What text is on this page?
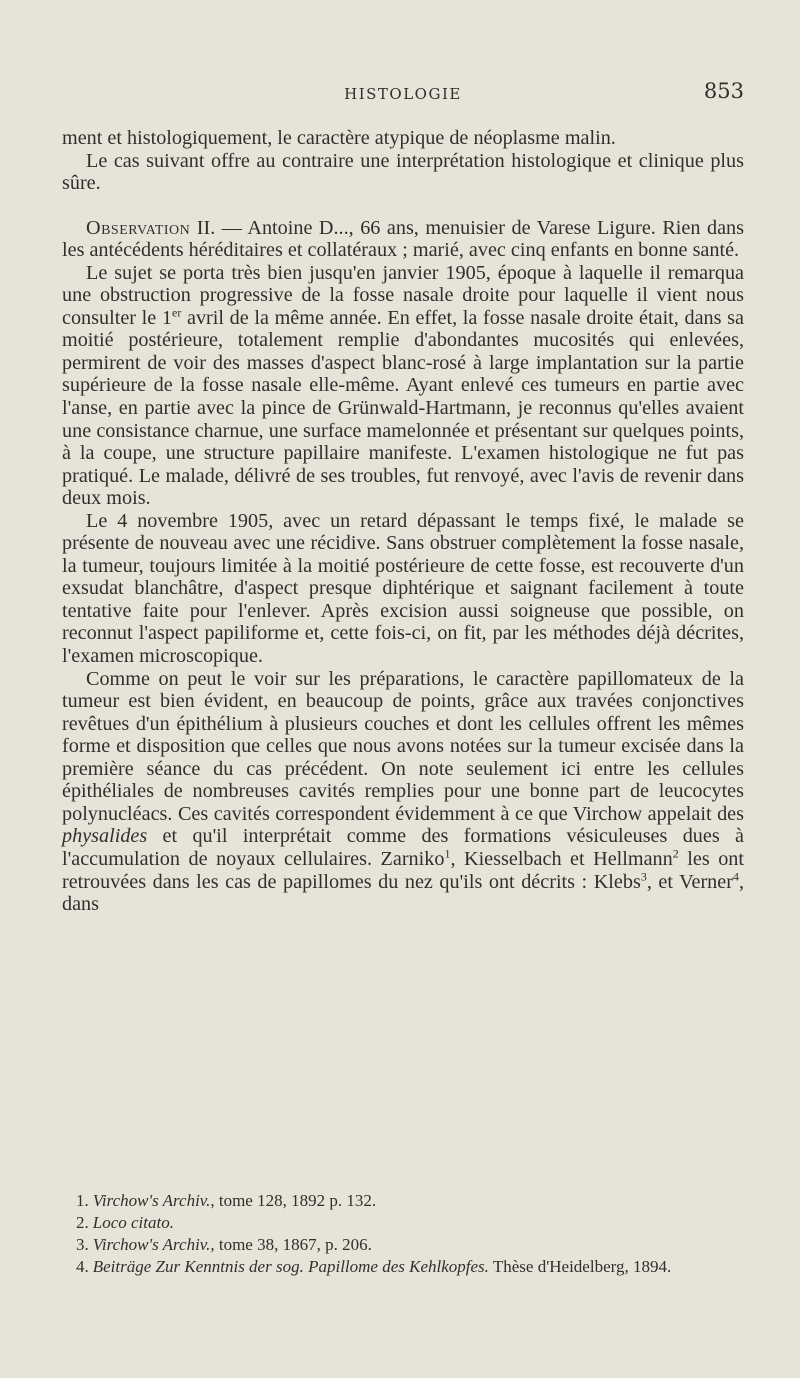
HISTOLOGIE	853

ment et histologiquement, le caractère atypique de néoplasme malin.

Le cas suivant offre au contraire une interprétation histologique et clinique plus sûre.

Observation II. — Antoine D..., 66 ans, menuisier de Varese Ligure. Rien dans les antécédents héréditaires et collatéraux ; marié, avec cinq enfants en bonne santé.

Le sujet se porta très bien jusqu'en janvier 1905, époque à laquelle il remarqua une obstruction progressive de la fosse nasale droite pour laquelle il vient nous consulter le 1er avril de la même année. En effet, la fosse nasale droite était, dans sa moitié postérieure, totalement remplie d'abondantes mucosités qui enlevées, permirent de voir des masses d'aspect blanc-rosé à large implantation sur la partie supérieure de la fosse nasale elle-même. Ayant enlevé ces tumeurs en partie avec l'anse, en partie avec la pince de Grünwald-Hartmann, je reconnus qu'elles avaient une consistance charnue, une surface mamelonnée et présentant sur quelques points, à la coupe, une structure papillaire manifeste. L'examen histologique ne fut pas pratiqué. Le malade, délivré de ses troubles, fut renvoyé, avec l'avis de revenir dans deux mois.

Le 4 novembre 1905, avec un retard dépassant le temps fixé, le malade se présente de nouveau avec une récidive. Sans obstruer complètement la fosse nasale, la tumeur, toujours limitée à la moitié postérieure de cette fosse, est recouverte d'un exsudat blanchâtre, d'aspect presque diphtérique et saignant facilement à toute tentative faite pour l'enlever. Après excision aussi soigneuse que possible, on reconnut l'aspect papiliforme et, cette fois-ci, on fit, par les méthodes déjà décrites, l'examen microscopique.

Comme on peut le voir sur les préparations, le caractère papillomateux de la tumeur est bien évident, en beaucoup de points, grâce aux travées conjonctives revêtues d'un épithélium à plusieurs couches et dont les cellules offrent les mêmes forme et disposition que celles que nous avons notées sur la tumeur excisée dans la première séance du cas précédent. On note seulement ici entre les cellules épithéliales de nombreuses cavités remplies pour une bonne part de leucocytes polynucléacs. Ces cavités correspondent évidemment à ce que Virchow appelait des physalides et qu'il interprétait comme des formations vésiculeuses dues à l'accumulation de noyaux cellulaires. Zarniko$^1$, Kiesselbach et Hellmann$^2$ les ont retrouvées dans les cas de papillomes du nez qu'ils ont décrits : Klebs$^3$, et Verner$^4$, dans

1. Virchow's Archiv., tome 128, 1892 p. 132.
2. Loco citato.
3. Virchow's Archiv., tome 38, 1867, p. 206.
4. Beiträge Zur Kenntnis der sog. Papillome des Kehlkopfes. Thèse d'Heidelberg, 1894.
